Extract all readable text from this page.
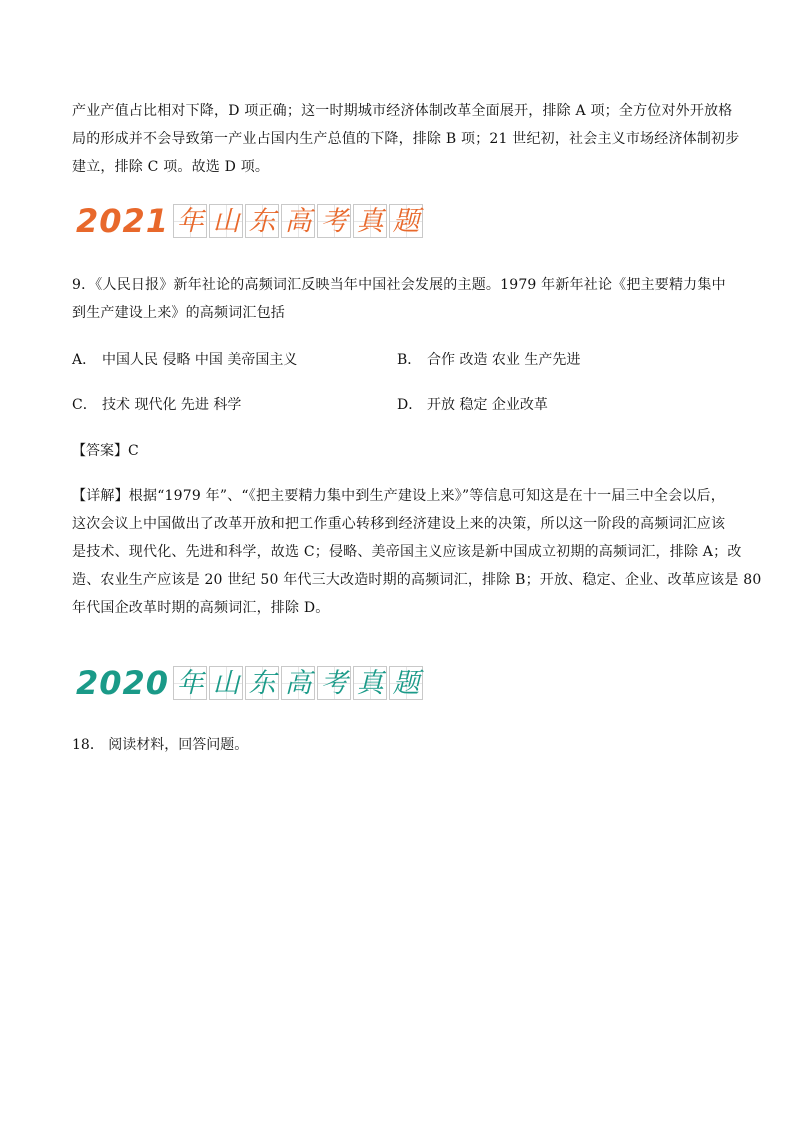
产业产值占比相对下降，D 项正确；这一时期城市经济体制改革全面展开，排除 A 项；全方位对外开放格
局的形成并不会导致第一产业占国内生产总值的下降，排除 B 项；21 世纪初，社会主义市场经济体制初步
建立，排除 C 项。故选 D 项。
2021 年 山 东 高 考 真 题
9．《人民日报》新年社论的高频词汇反映当年中国社会发展的主题。1979 年新年社论《把主要精力集中
到生产建设上来》的高频词汇包括
A． 中国人民 侵略 中国 美帝国主义	B． 合作 改造 农业 生产先进
C． 技术 现代化 先进 科学	D． 开放 稳定 企业改革
【答案】C
【详解】根据“1979 年”、“《把主要精力集中到生产建设上来》”等信息可知这是在十一届三中全会以后，
这次会议上中国做出了改革开放和把工作重心转移到经济建设上来的决策，所以这一阶段的高频词汇应该
是技术、现代化、先进和科学，故选 C；侵略、美帝国主义应该是新中国成立初期的高频词汇，排除 A；改
造、农业生产应该是 20 世纪 50 年代三大改造时期的高频词汇，排除 B；开放、稳定、企业、改革应该是 80
年代国企改革时期的高频词汇，排除 D。
2020 年 山 东 高 考 真 题
18． 阅读材料，回答问题。
